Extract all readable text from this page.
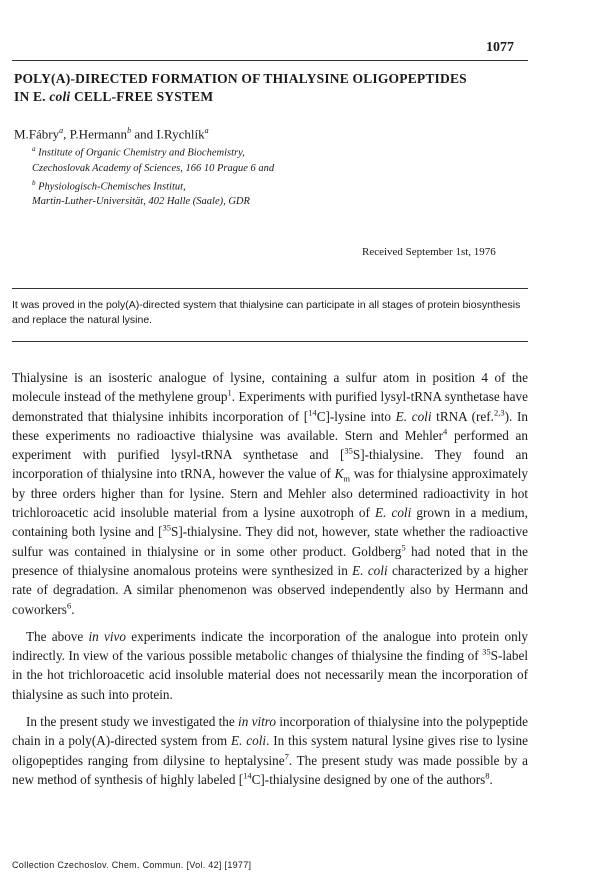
1077
POLY(A)-DIRECTED FORMATION OF THIALYSINE OLIGOPEPTIDES
IN E. coli CELL-FREE SYSTEM
M.Fábry$^a$, P.Hermann$^b$ and I.Rychlík$^a$
$^a$ Institute of Organic Chemistry and Biochemistry,
Czechoslovak Academy of Sciences, 166 10 Prague 6 and
$^b$ Physiologisch-Chemisches Institut,
Martin-Luther-Universität, 402 Halle (Saale), GDR
Received September 1st, 1976

It was proved in the poly(A)-directed system that thialysine can participate in all stages of protein biosynthesis and replace the natural lysine.

Thialysine is an isosteric analogue of lysine, containing a sulfur atom in position 4 of the molecule instead of the methylene group$^1$. Experiments with purified lysyl-tRNA synthetase have demonstrated that thialysine inhibits incorporation of [$^{14}$C]-lysine into E. coli tRNA (ref.$^{2,3}$). In these experiments no radioactive thialysine was available. Stern and Mehler$^4$ performed an experiment with purified lysyl-tRNA synthetase and [$^{35}$S]-thialysine. They found an incorporation of thialysine into tRNA, however the value of $K_m$ was for thialysine approximately by three orders higher than for lysine. Stern and Mehler also determined radioactivity in hot trichloroacetic acid insoluble material from a lysine auxotroph of E. coli grown in a medium, containing both lysine and [$^{35}$S]-thialysine. They did not, however, state whether the radioactive sulfur was contained in thialysine or in some other product. Goldberg$^5$ had noted that in the presence of thialysine anomalous proteins were synthesized in E. coli characterized by a higher rate of degradation. A similar phenomenon was observed independently also by Hermann and coworkers$^6$.

The above in vivo experiments indicate the incorporation of the analogue into protein only indirectly. In view of the various possible metabolic changes of thialysine the finding of $^{35}$S-label in the hot trichloroacetic acid insoluble material does not necessarily mean the incorporation of thialysine as such into protein.

In the present study we investigated the in vitro incorporation of thialysine into the polypeptide chain in a poly(A)-directed system from E. coli. In this system natural lysine gives rise to lysine oligopeptides ranging from dilysine to heptalysine$^7$. The present study was made possible by a new method of synthesis of highly labeled [$^{14}$C]-thialysine designed by one of the authors$^8$.

Collection Czechoslov. Chem. Commun. [Vol. 42] [1977]
